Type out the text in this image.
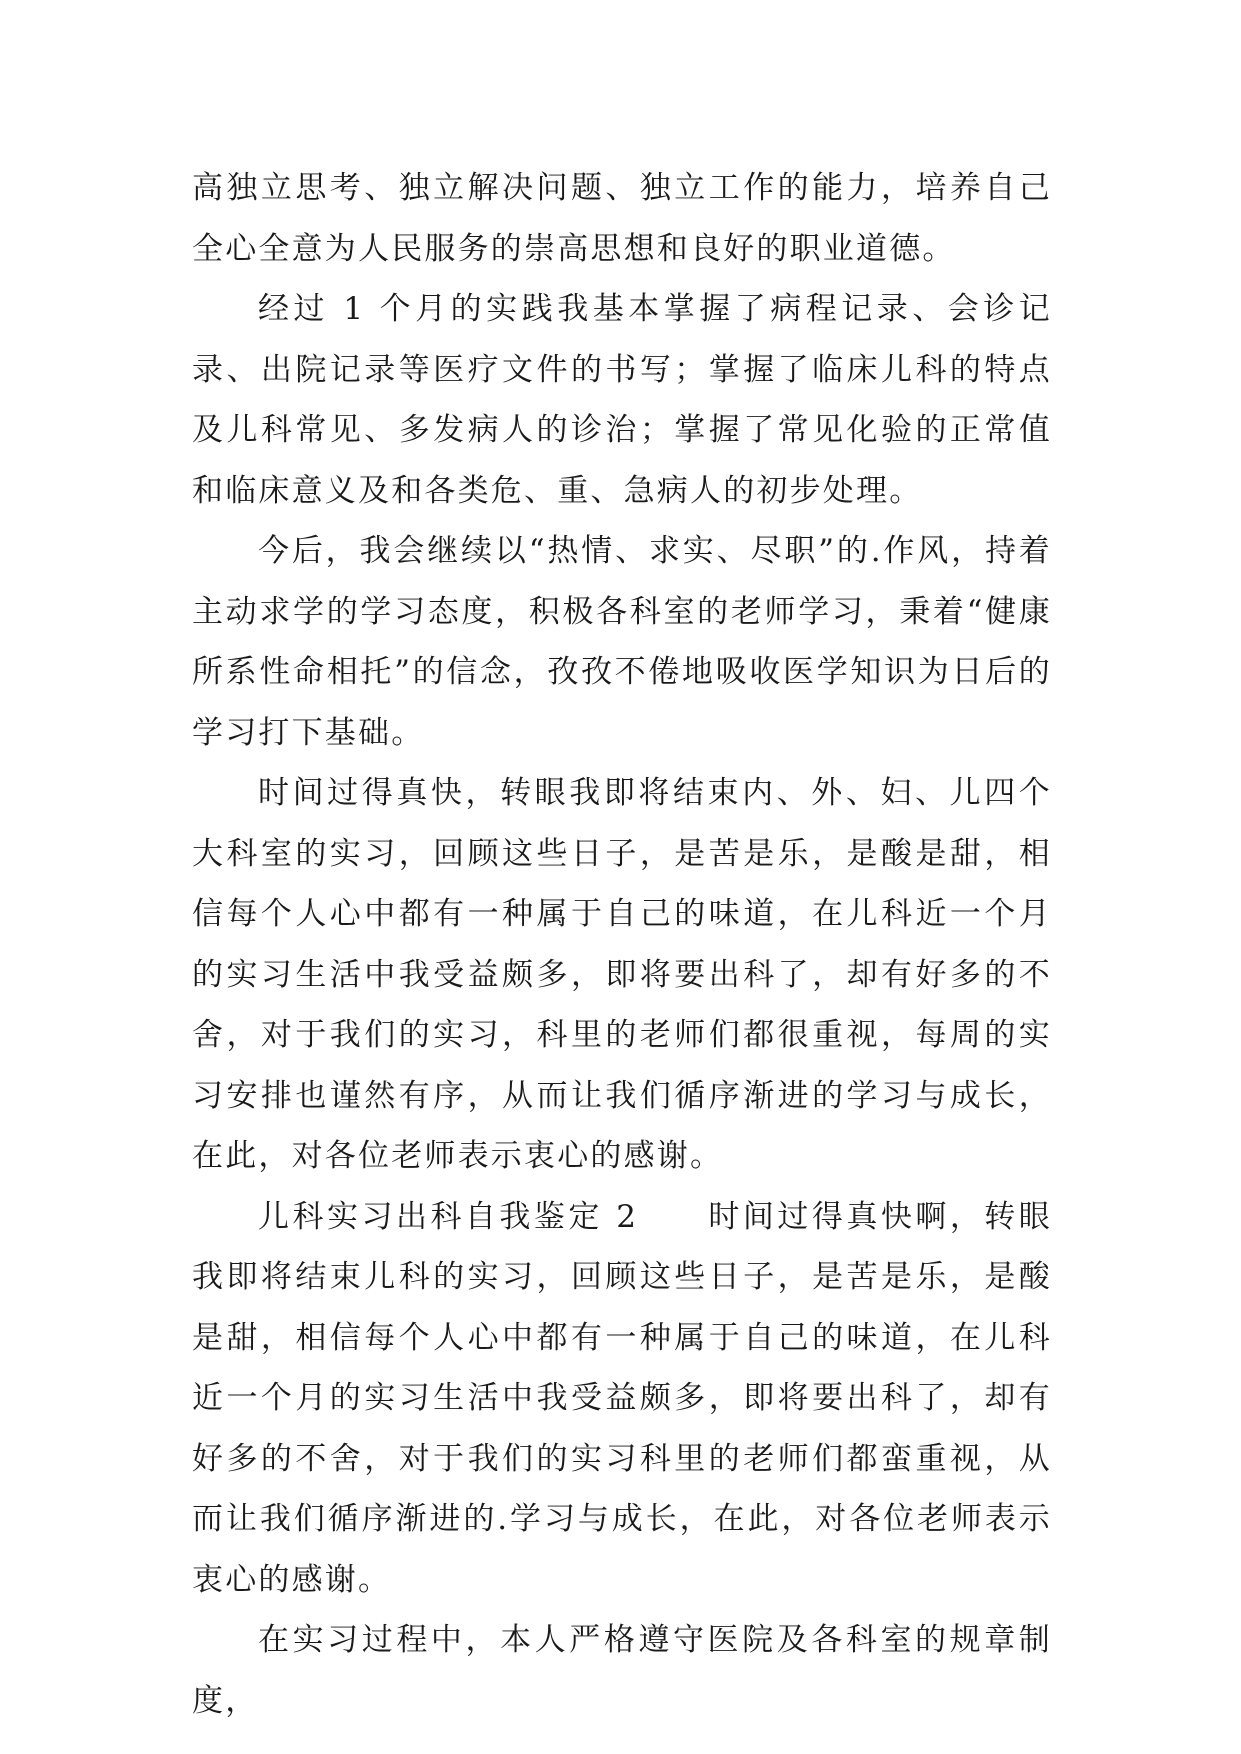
高独立思考、独立解决问题、独立工作的能力，培养自己全心全意为人民服务的崇高思想和良好的职业道德。

经过 1 个月的实践我基本掌握了病程记录、会诊记录、出院记录等医疗文件的书写；掌握了临床儿科的特点及儿科常见、多发病人的诊治；掌握了常见化验的正常值和临床意义及和各类危、重、急病人的初步处理。

今后，我会继续以“热情、求实、尽职”的.作风，持着主动求学的学习态度，积极各科室的老师学习，秉着“健康所系性命相托”的信念，孜孜不倦地吸收医学知识为日后的学习打下基础。

时间过得真快，转眼我即将结束内、外、妇、儿四个大科室的实习，回顾这些日子，是苦是乐，是酸是甜，相信每个人心中都有一种属于自己的味道，在儿科近一个月的实习生活中我受益颇多，即将要出科了，却有好多的不舍，对于我们的实习，科里的老师们都很重视，每周的实习安排也谨然有序，从而让我们循序渐进的学习与成长，在此，对各位老师表示衷心的感谢。

儿科实习出科自我鉴定 2　　时间过得真快啊，转眼我即将结束儿科的实习，回顾这些日子，是苦是乐，是酸是甜，相信每个人心中都有一种属于自己的味道，在儿科近一个月的实习生活中我受益颇多，即将要出科了，却有好多的不舍，对于我们的实习科里的老师们都蛮重视，从而让我们循序渐进的.学习与成长，在此，对各位老师表示衷心的感谢。

在实习过程中，本人严格遵守医院及各科室的规章制度，
